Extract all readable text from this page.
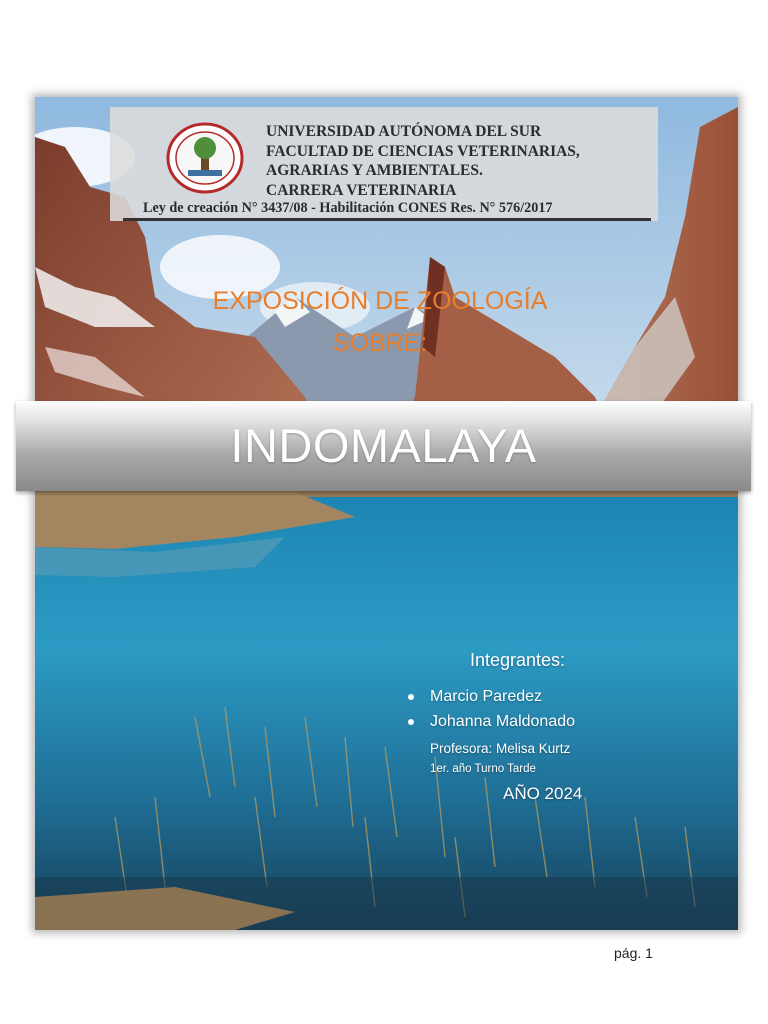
UNIVERSIDAD AUTÓNOMA DEL SUR
FACULTAD DE CIENCIAS VETERINARIAS,
AGRARIAS Y AMBIENTALES.
CARRERA VETERINARIA
Ley de creación N° 3437/08 - Habilitación CONES Res. N° 576/2017
EXPOSICIÓN DE ZOOLOGÍA
SOBRE:
INDOMALAYA
Integrantes:
Marcio Paredez
Johanna Maldonado
Profesora: Melisa Kurtz
1er. año Turno Tarde
AÑO 2024
pág. 1
